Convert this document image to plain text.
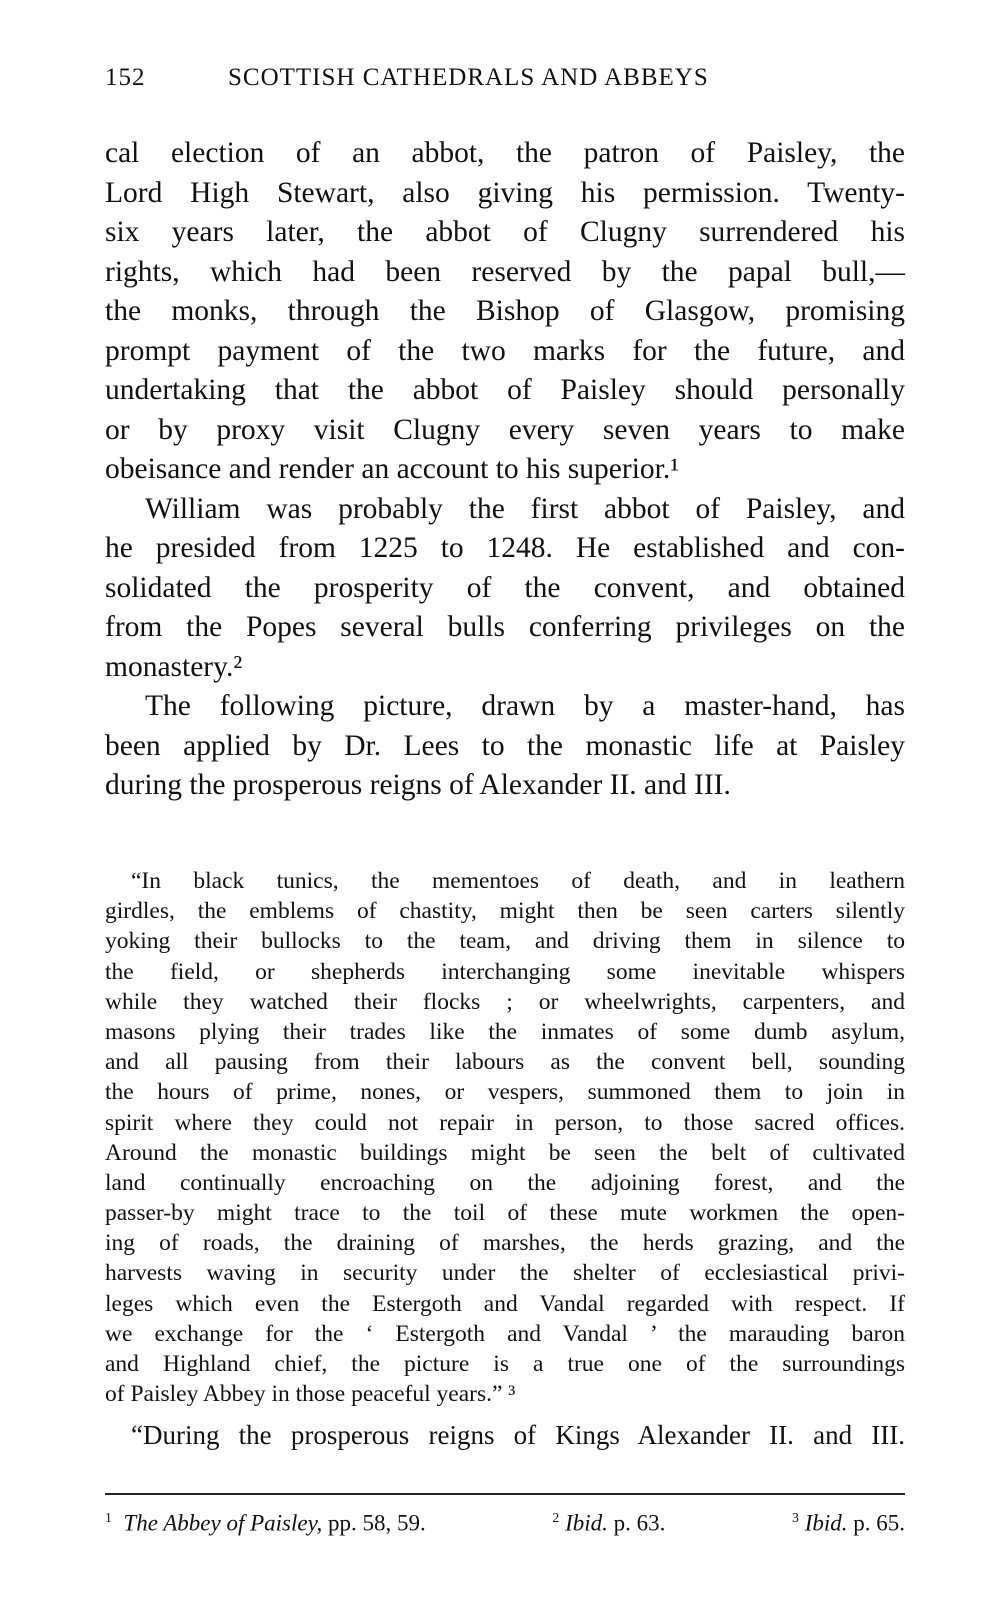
152	SCOTTISH CATHEDRALS AND ABBEYS
cal election of an abbot, the patron of Paisley, the
Lord High Stewart, also giving his permission. Twenty-
six years later, the abbot of Clugny surrendered his
rights, which had been reserved by the papal bull,—
the monks, through the Bishop of Glasgow, promising
prompt payment of the two marks for the future, and
undertaking that the abbot of Paisley should personally
or by proxy visit Clugny every seven years to make
obeisance and render an account to his superior.¹
William was probably the first abbot of Paisley, and
he presided from 1225 to 1248. He established and con-
solidated the prosperity of the convent, and obtained
from the Popes several bulls conferring privileges on the
monastery.²
The following picture, drawn by a master-hand, has
been applied by Dr. Lees to the monastic life at Paisley
during the prosperous reigns of Alexander II. and III.
“In black tunics, the mementoes of death, and in leathern
girdles, the emblems of chastity, might then be seen carters silently
yoking their bullocks to the team, and driving them in silence to
the field, or shepherds interchanging some inevitable whispers
while they watched their flocks ; or wheelwrights, carpenters, and
masons plying their trades like the inmates of some dumb asylum,
and all pausing from their labours as the convent bell, sounding
the hours of prime, nones, or vespers, summoned them to join in
spirit where they could not repair in person, to those sacred offices.
Around the monastic buildings might be seen the belt of cultivated
land continually encroaching on the adjoining forest, and the
passer-by might trace to the toil of these mute workmen the open-
ing of roads, the draining of marshes, the herds grazing, and the
harvests waving in security under the shelter of ecclesiastical privi-
leges which even the Estergoth and Vandal regarded with respect. If
we exchange for the ‘ Estergoth and Vandal ’ the marauding baron
and Highland chief, the picture is a true one of the surroundings
of Paisley Abbey in those peaceful years.” ³
“During the prosperous reigns of Kings Alexander II. and III.
$^1$ The Abbey of Paisley, pp. 58, 59.	$^2$ Ibid. p. 63.	$^3$ Ibid. p. 65.
